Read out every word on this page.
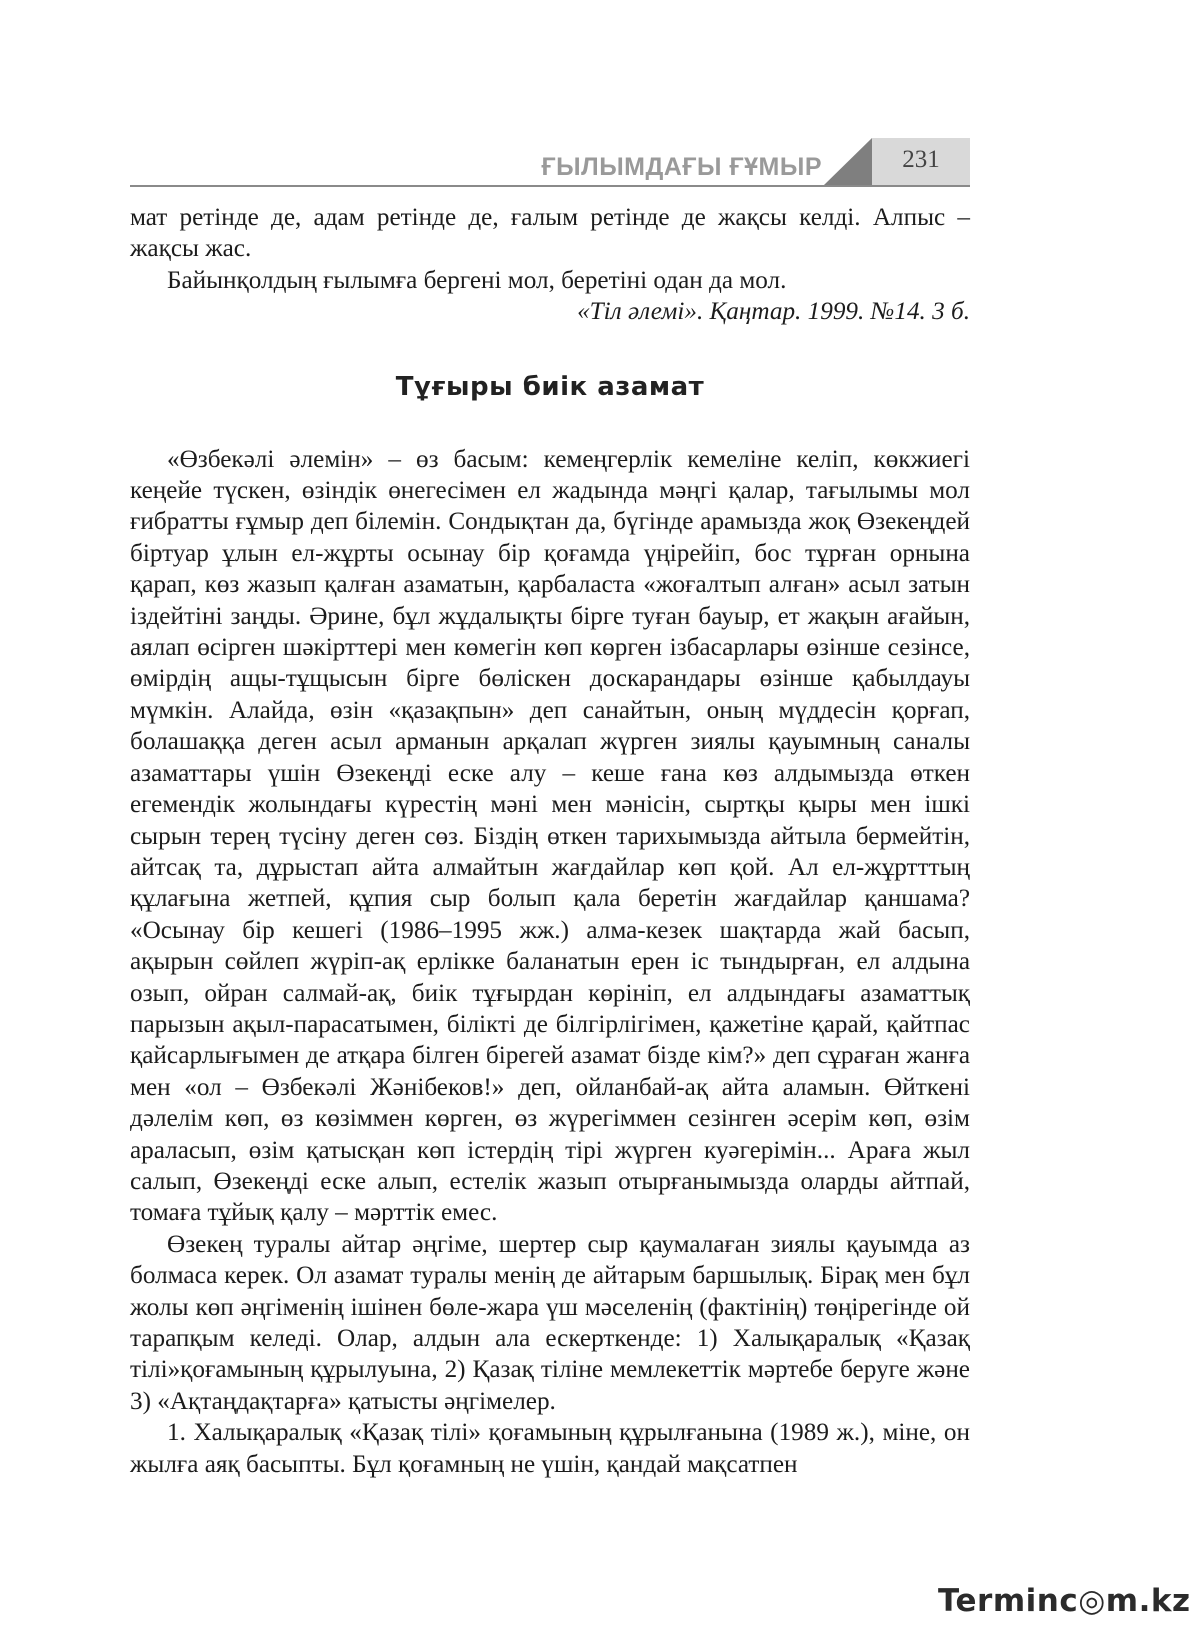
ҒЫЛЫМДАҒЫ ҒҰМЫР	231

мат ретінде де, адам ретінде де, ғалым ретінде де жақсы келді. Алпыс – жақсы жас.

Байынқолдың ғылымға бергені мол, беретіні одан да мол.

«Тіл әлемі». Қаңтар. 1999. №14. 3 б.

Тұғыры биік азамат

«Өзбекәлі әлемін» – өз басым: кемеңгерлік кемеліне келіп, көкжиегі кеңейе түскен, өзіндік өнегесімен ел жадында мәңгі қалар, тағылымы мол ғибратты ғұмыр деп білемін. Сондықтан да, бүгінде арамызда жоқ Өзекеңдей біртуар ұлын ел-жұрты осынау бір қоғамда үңірейіп, бос тұрған орнына қарап, көз жазып қалған азаматын, қарбаласта «жоғалтып алған» асыл затын іздейтіні заңды. Әрине, бұл жұдалықты бірге туған бауыр, ет жақын ағайын, аялап өсірген шәкірттері мен көмегін көп көрген ізбасарлары өзінше сезінсе, өмірдің ащы-тұщысын бірге бөліскен доскарандары өзінше қабылдауы мүмкін. Алайда, өзін «қазақпын» деп санайтын, оның мүддесін қорғап, болашаққа деген асыл арманын арқалап жүрген зиялы қауымның саналы азаматтары үшін Өзекеңді еске алу – кеше ғана көз алдымызда өткен егемендік жолындағы күрестің мәні мен мәнісін, сыртқы қыры мен ішкі сырын терең түсіну деген сөз. Біздің өткен тарихымызда айтыла бермейтін, айтсақ та, дұрыстап айта алмайтын жағдайлар көп қой. Ал ел-жұртттың құлағына жетпей, құпия сыр болып қала беретін жағдайлар қаншама? «Осынау бір кешегі (1986–1995 жж.) алма-кезек шақтарда жай басып, ақырын сөйлеп жүріп-ақ ерлікке баланатын ерен іс тындырған, ел алдына озып, ойран салмай-ақ, биік тұғырдан көрініп, ел алдындағы азаматтық парызын ақыл-парасатымен, білікті де білгірлігімен, қажетіне қарай, қайтпас қайсарлығымен де атқара білген бірегей азамат бізде кім?» деп сұраған жанға мен «ол – Өзбекәлі Жәнібеков!» деп, ойланбай-ақ айта аламын. Өйткені дәлелім көп, өз көзіммен көрген, өз жүрегіммен сезінген әсерім көп, өзім араласып, өзім қатысқан көп істердің тірі жүрген куәгерімін... Араға жыл салып, Өзекеңді еске алып, естелік жазып отырғанымызда оларды айтпай, томаға тұйық қалу – мәрттік емес.

Өзекең туралы айтар әңгіме, шертер сыр қаумалаған зиялы қауымда аз болмаса керек. Ол азамат туралы менің де айтарым баршылық. Бірақ мен бұл жолы көп әңгіменің ішінен бөле-жара үш мәселенің (фактінің) төңірегінде ой тарапқым келеді. Олар, алдын ала ескерткенде: 1) Халықаралық «Қазақ тілі»қоғамының құрылуына, 2) Қазақ тіліне мемлекеттік мәртебе беруге және 3) «Ақтаңдақтарға» қатысты әңгімелер.

1. Халықаралық «Қазақ тілі» қоғамының құрылғанына (1989 ж.), міне, он жылға аяқ басыпты. Бұл қоғамның не үшін, қандай мақсатпен

Terminc◎m.kz
